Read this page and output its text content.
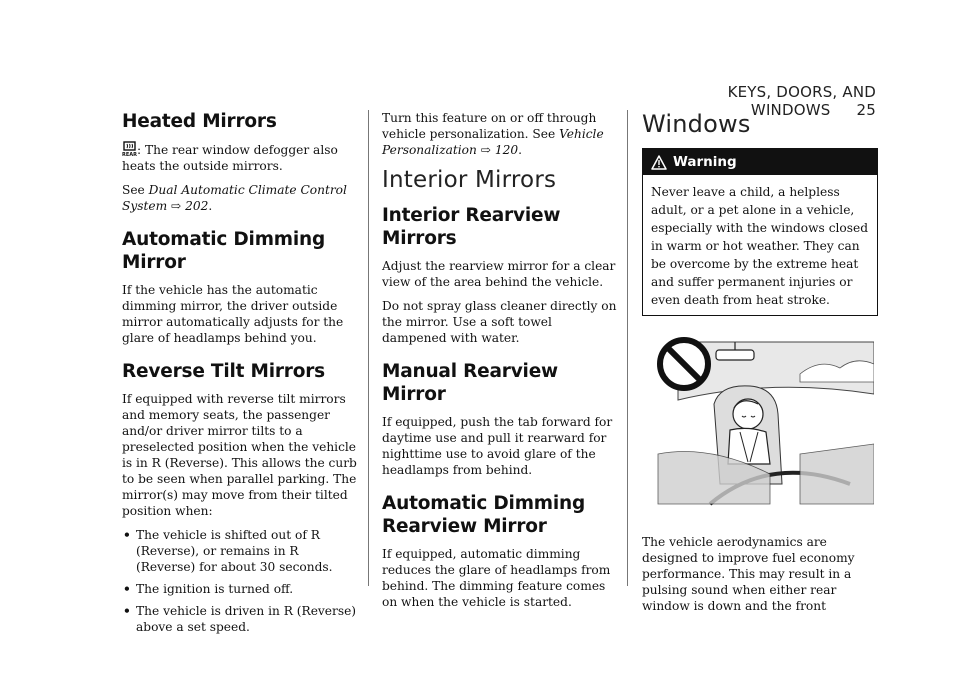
KEYS, DOORS, AND WINDOWS 25
Heated Mirrors

REAR : The rear window defogger also heats the outside mirrors.

See Dual Automatic Climate Control System ⇨ 202.

Automatic Dimming Mirror

If the vehicle has the automatic dimming mirror, the driver outside mirror automatically adjusts for the glare of headlamps behind you.

Reverse Tilt Mirrors

If equipped with reverse tilt mirrors and memory seats, the passenger and/or driver mirror tilts to a preselected position when the vehicle is in R (Reverse). This allows the curb to be seen when parallel parking. The mirror(s) may move from their tilted position when:

• The vehicle is shifted out of R (Reverse), or remains in R (Reverse) for about 30 seconds.
• The ignition is turned off.
• The vehicle is driven in R (Reverse) above a set speed.

Turn this feature on or off through vehicle personalization. See Vehicle Personalization ⇨ 120.

Interior Mirrors
Interior Rearview Mirrors

Adjust the rearview mirror for a clear view of the area behind the vehicle.

Do not spray glass cleaner directly on the mirror. Use a soft towel dampened with water.

Manual Rearview Mirror

If equipped, push the tab forward for daytime use and pull it rearward for nighttime use to avoid glare of the headlamps from behind.

Automatic Dimming Rearview Mirror

If equipped, automatic dimming reduces the glare of headlamps from behind. The dimming feature comes on when the vehicle is started.

Windows
Warning
Never leave a child, a helpless adult, or a pet alone in a vehicle, especially with the windows closed in warm or hot weather. They can be overcome by the extreme heat and suffer permanent injuries or even death from heat stroke.

The vehicle aerodynamics are designed to improve fuel economy performance. This may result in a pulsing sound when either rear window is down and the front
